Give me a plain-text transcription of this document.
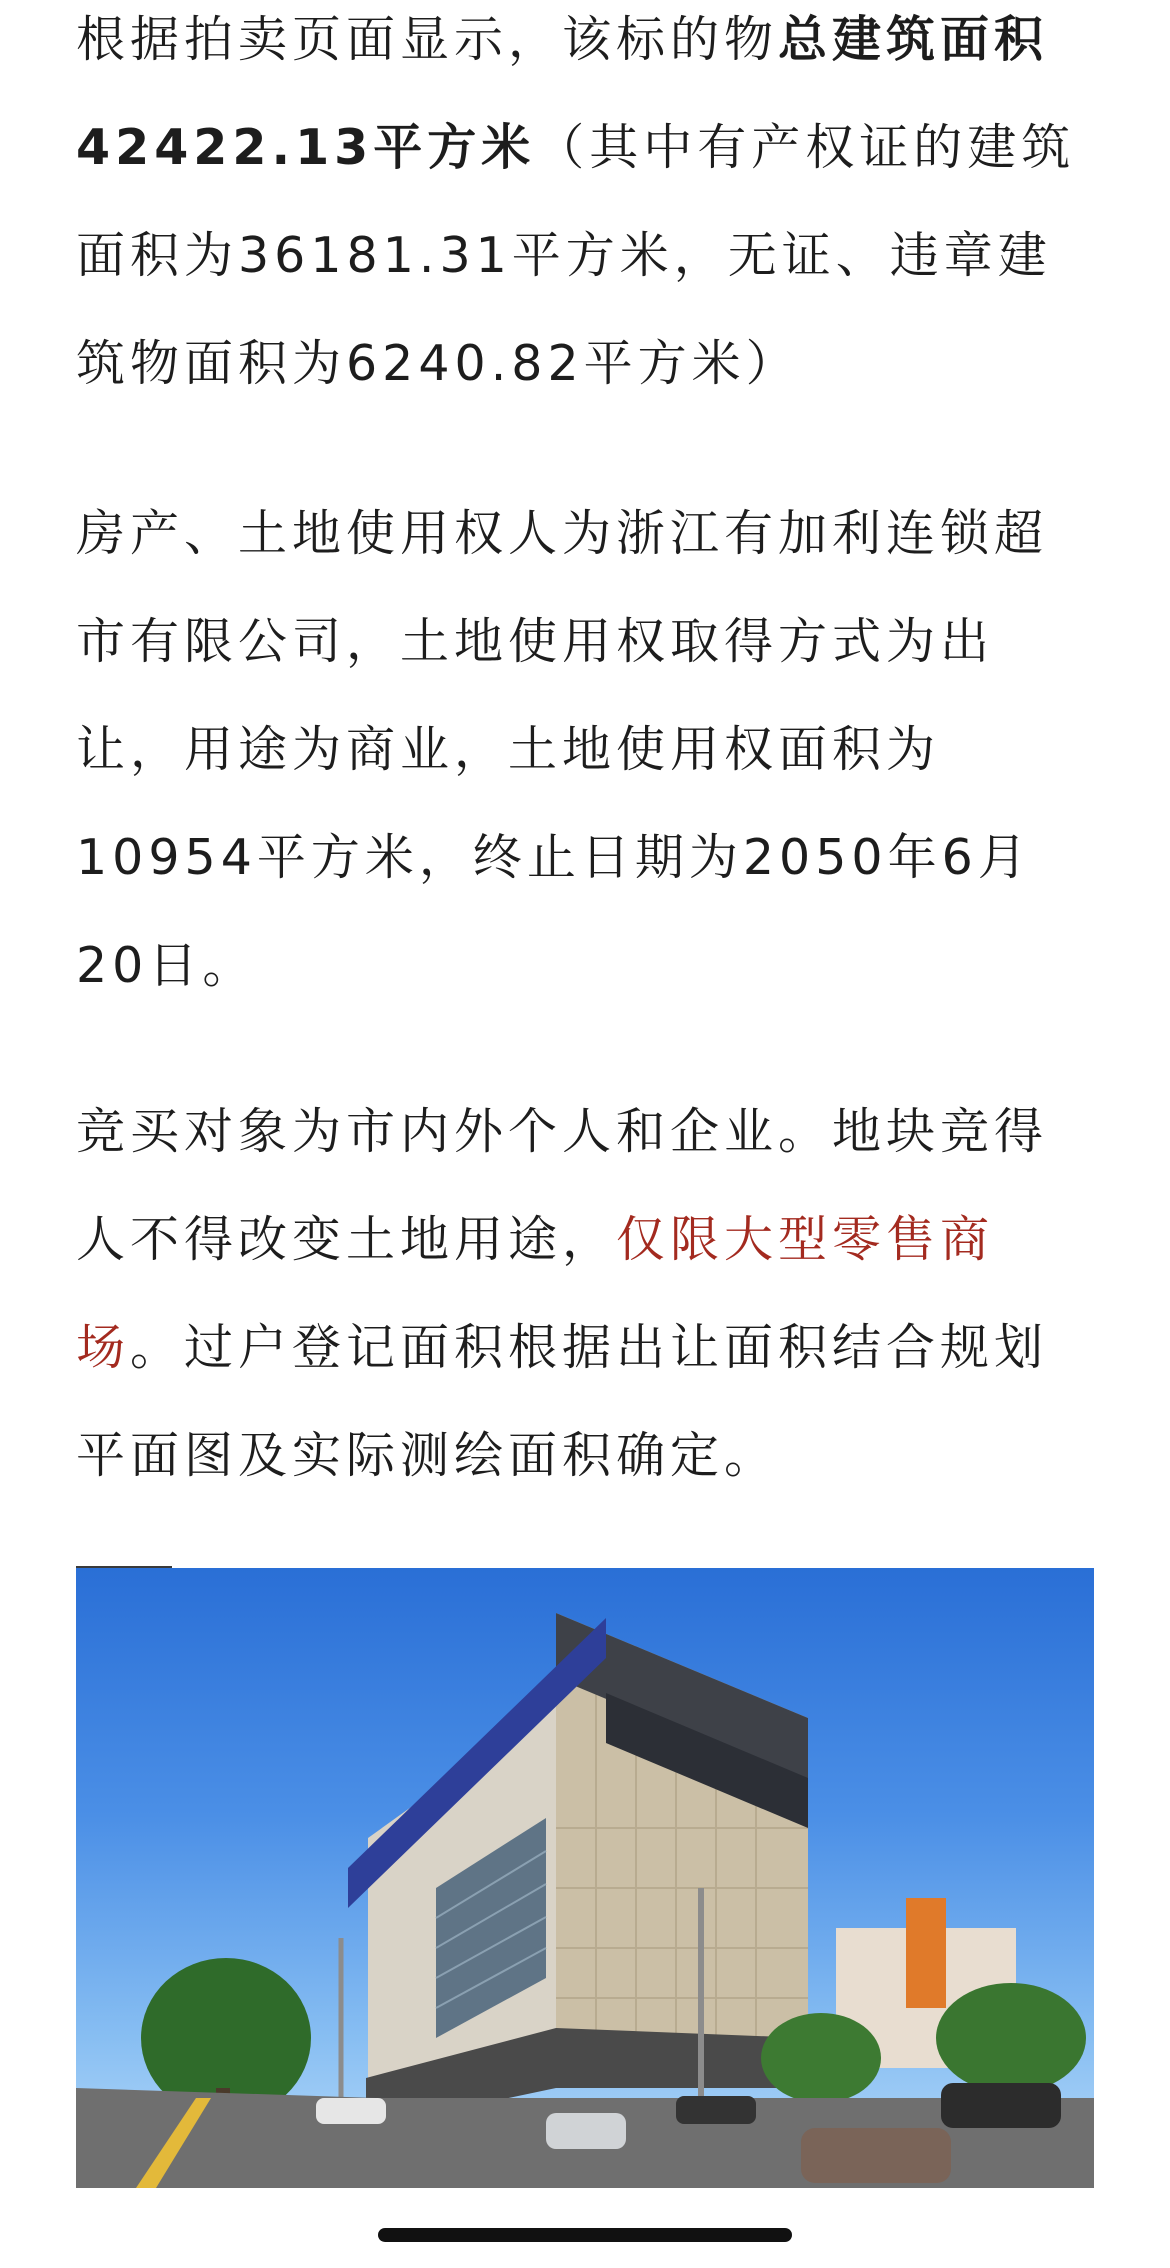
根据拍卖页面显示，该标的物总建筑面积42422.13平方米（其中有产权证的建筑面积为36181.31平方米，无证、违章建筑物面积为6240.82平方米）

房产、土地使用权人为浙江有加利连锁超市有限公司，土地使用权取得方式为出让，用途为商业，土地使用权面积为10954平方米，终止日期为2050年6月20日。

竞买对象为市内外个人和企业。地块竞得人不得改变土地用途，仅限大型零售商场。过户登记面积根据出让面积结合规划平面图及实际测绘面积确定。
